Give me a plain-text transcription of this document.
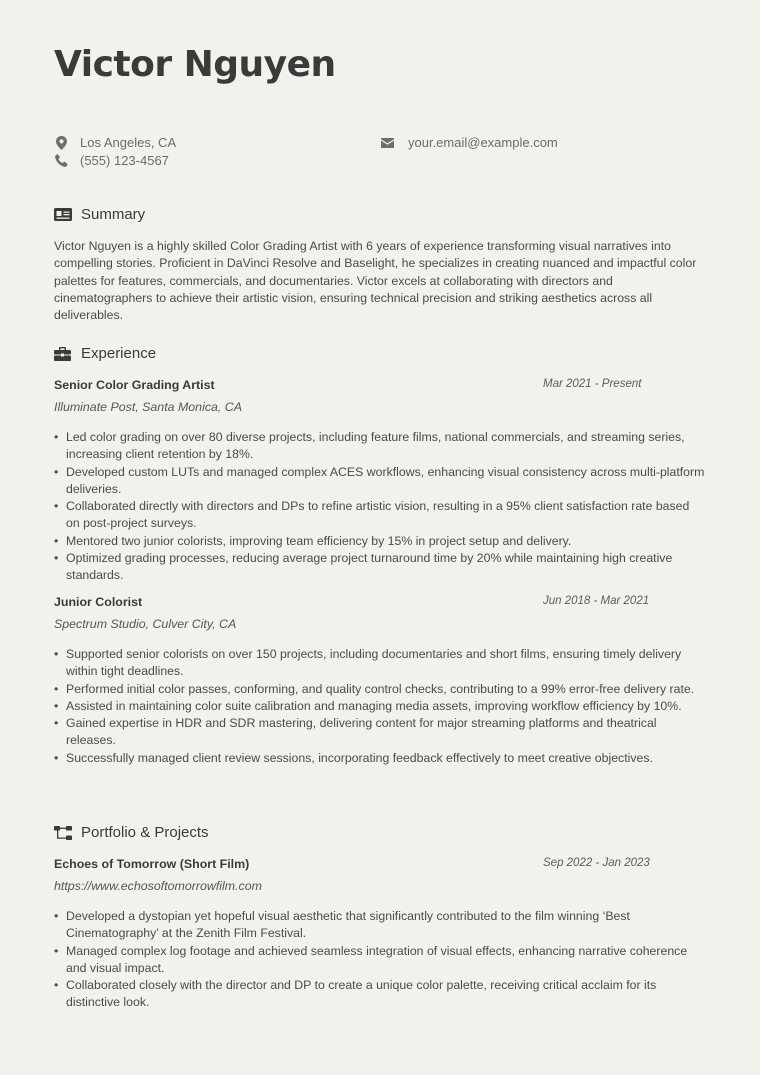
Victor Nguyen
Los Angeles, CA
(555) 123-4567
your.email@example.com
Summary

Victor Nguyen is a highly skilled Color Grading Artist with 6 years of experience transforming visual narratives into compelling stories. Proficient in DaVinci Resolve and Baselight, he specializes in creating nuanced and impactful color palettes for features, commercials, and documentaries. Victor excels at collaborating with directors and cinematographers to achieve their artistic vision, ensuring technical precision and striking aesthetics across all deliverables.

Experience
Senior Color Grading Artist	Mar 2021 - Present
Illuminate Post, Santa Monica, CA
• Led color grading on over 80 diverse projects, including feature films, national commercials, and streaming series, increasing client retention by 18%.
• Developed custom LUTs and managed complex ACES workflows, enhancing visual consistency across multi-platform deliveries.
• Collaborated directly with directors and DPs to refine artistic vision, resulting in a 95% client satisfaction rate based on post-project surveys.
• Mentored two junior colorists, improving team efficiency by 15% in project setup and delivery.
• Optimized grading processes, reducing average project turnaround time by 20% while maintaining high creative standards.
Junior Colorist	Jun 2018 - Mar 2021
Spectrum Studio, Culver City, CA
• Supported senior colorists on over 150 projects, including documentaries and short films, ensuring timely delivery within tight deadlines.
• Performed initial color passes, conforming, and quality control checks, contributing to a 99% error-free delivery rate.
• Assisted in maintaining color suite calibration and managing media assets, improving workflow efficiency by 10%.
• Gained expertise in HDR and SDR mastering, delivering content for major streaming platforms and theatrical releases.
• Successfully managed client review sessions, incorporating feedback effectively to meet creative objectives.
Portfolio & Projects
Echoes of Tomorrow (Short Film)	Sep 2022 - Jan 2023
https://www.echosoftomorrowfilm.com
• Developed a dystopian yet hopeful visual aesthetic that significantly contributed to the film winning ‘Best Cinematography’ at the Zenith Film Festival.
• Managed complex log footage and achieved seamless integration of visual effects, enhancing narrative coherence and visual impact.
• Collaborated closely with the director and DP to create a unique color palette, receiving critical acclaim for its distinctive look.
